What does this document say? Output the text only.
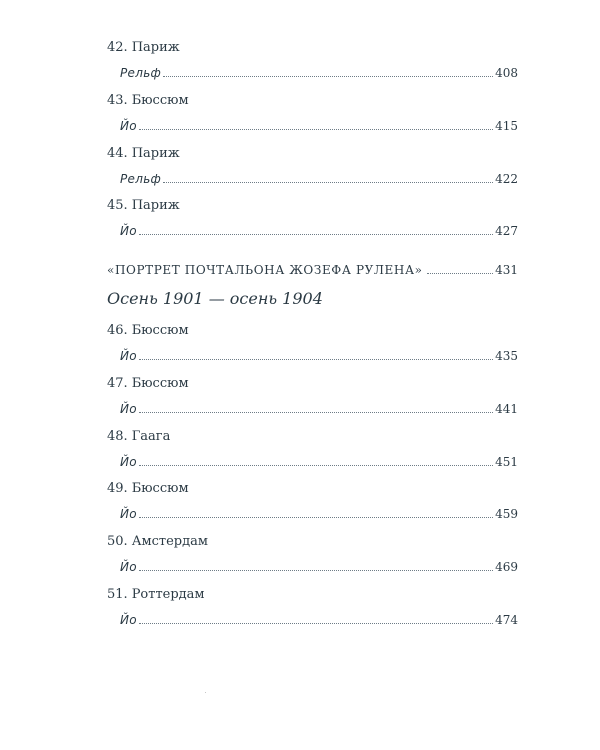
42. Париж
Рельф	408
43. Бюссюм
Йо	415
44. Париж
Рельф	422
45. Париж
Йо	427
«ПОРТРЕТ ПОЧТАЛЬОНА ЖОЗЕФА РУЛЕНА»	431
Осень 1901 — осень 1904
46. Бюссюм
Йо	435
47. Бюссюм
Йо	441
48. Гаага
Йо	451
49. Бюссюм
Йо	459
50. Амстердам
Йо	469
51. Роттердам
Йо	474
